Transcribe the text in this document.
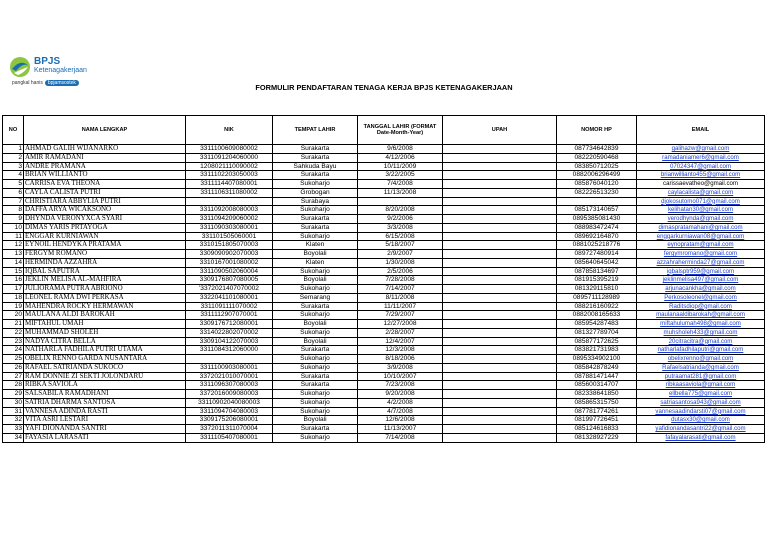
BPJS
Ketenagakerjaan
pangkal hanis bpjamsostek	FORMULIR PENDAFTARAN TENAGA KERJA BPJS KETENAGAKERJAAN
NO	NAMA LENGKAP	NIK	TEMPAT LAHIR	TANGGAL LAHIR (FORMAT Date-Month-Year)	UPAH	NOMOR HP	EMAIL
1	AHMAD GALIH WIJANARKO	3311100609080002	Surakarta	9/6/2008		087734642839	galihazw@gmail.com
2	AMIR RAMADANI	3311091204060000	Surakarta	4/12/2006		082220590468	ramadaniamer6@gmail.com
3	ANDRE PRAMANA	1208021110090002	Sahkuda Bayu	10/11/2009		083850712025	07024347@gmail.com
4	BRIAN WILLIANTO	3311102203050003	Surakarta	3/22/2005		0882006296499	brianwillianto455@gmail.com
5	CARRISA EVA THEONA	3311114407080001	Sukoharjo	7/4/2008		085876040120	carissaevatheo@gmail.com
6	CAYLA CALISTA PUTRI	3311106311080002	Grobogan	11/13/2008		082226513230	caylacalista@gmail.com
7	CHRISTIARA ABBYLIA PUTRI		Surabaya				djokosutomo071@gmail.com
8	DAFFA ARYA WICAKSONO	3311092008080003	Sukoharjo	8/20/2008		085173140657	kelihatan30@gmail.com
9	DHYNDA VERONYXCA SYARI	3311094209060002	Surakarta	9/2/2006		0895385081430	verodhynda@gmail.com
10	DIMAS YARIS PRTAYOGA	3311090303080001	Surakarta	3/3/2008		088983472474	dimaspratamahani@gmail.com
11	ENGGAR KURNIAWAN	331101505060001	Sukoharjo	6/15/2008		089692164870	enggarkurniawan08@gmail.com
12	EYNOIL HENDYKA PRATAMA	3310151805070003	Klaten	5/18/2007		0881025218776	eynopratam@gmail.com
13	FERGYM ROMANO	3309090902070003	Boyolali	2/9/2007		089727480914	fergymromano@gmail.com
14	HERMINDA AZZAHRA	3310167001080002	Klaten	1/30/2008		085640645042	azzahraherminda27@gmail.com
15	IQBAL SAPUTRA	3311090502060004	Sukoharjo	2/5/2006		087858134697	iqbalsptr959@gmail.com
16	JEKLIN MELISA AL-MAHFIRA	3309176807080005	Boyolali	7/28/2008		081915395219	jeklinmelisa497@gmail.com
17	JULIORAMA PUTRA ABRIONO	'3372021407070002	Sukoharjo	7/14/2007		081329115810	arjunacankha@gmail.com
18	LEONEL RAMA DWI PERKASA	3322041101080001	Semarang	8/11/2008		0895711128989	Perkosoleonel@gmail.com
19	MAHENDRA ROCKY HERMAWAN	3311091111070002	Surakarta	11/11/2007		088216160922	Raditsdiop@gmail.com
20	MAULANA ALDI BAROKAH	3311112907070001	Sukoharjo	7/29/2007		0882008165633	maulanaaldibarokah@gmail.com
21	MIFTAHUL UMAH	3309176712080001	Boyolali	12/27/2008		085954287483	miftahulumah498@gmail.com
22	MUHAMMAD SHOLEH	3314022802070002	Sukoharjo	2/28/2007		081327789704	muhsholeh433@gmail.com
23	NADYA CITRA BELLA	3309104122070003	Boyolali	12/4/2007		085877172625	20citracitra@gmail.com
24	NATHARLA FADHILA PUTRI UTAMA	3311084312060000	Surakarta	12/3/2008		083821731983	natharlafadhilaputri@gmail.com
25	OBELIX RENNO GARDA NUSANTARA		Sukoharjo	8/18/2006		0895334902100	obelixrenno@gmail.com
26	RAFAEL SATRIANDA SUKOCO	3311100903080001	Sukoharjo	3/9/2008		085842878249	Rafaelsatrianda@gmail.com
27	RAM DONNIE ZI SEKTI JOLONDARU	3372021010070001	Surakarta	10/10/2007		087881471447	putraamat281@gmail.com
28	RIBKA SAVIOLA	3311096307080003	Surakarta	7/23/2008		085600314707	ribkaasaviola@gmail.com
29	SALSABILA RAMADHANI	3372016009080003	Sukoharjo	9/20/2008		082338641850	ellbella775@gmail.com
30	SATRIA DHARMA SANTOSA	33110902040080003	Sukoharjo	4/2/2008		085865315750	satriasantosa943@gmail.com
31	VANNESA ADINDA RASTI	3311094704080003	Sukoharjo	4/7/2008		087781774261	vannesaadindarsti07@gmail.com
32	VITA ASRI LESTARI	3309175206080001	Boyolali	12/6/2008		081997726451	dutasx30@gmail.com
33	YAFI DIONANDA SANTRI	3372011311070004	Surakarta	11/13/2007		085124616833	yafidionandasantri22@gmail.com
34	FAYASIA LARASATI	3311105407080001	Sukoharjo	7/14/2008		081328927229	fafayalarasati@gmail.com
